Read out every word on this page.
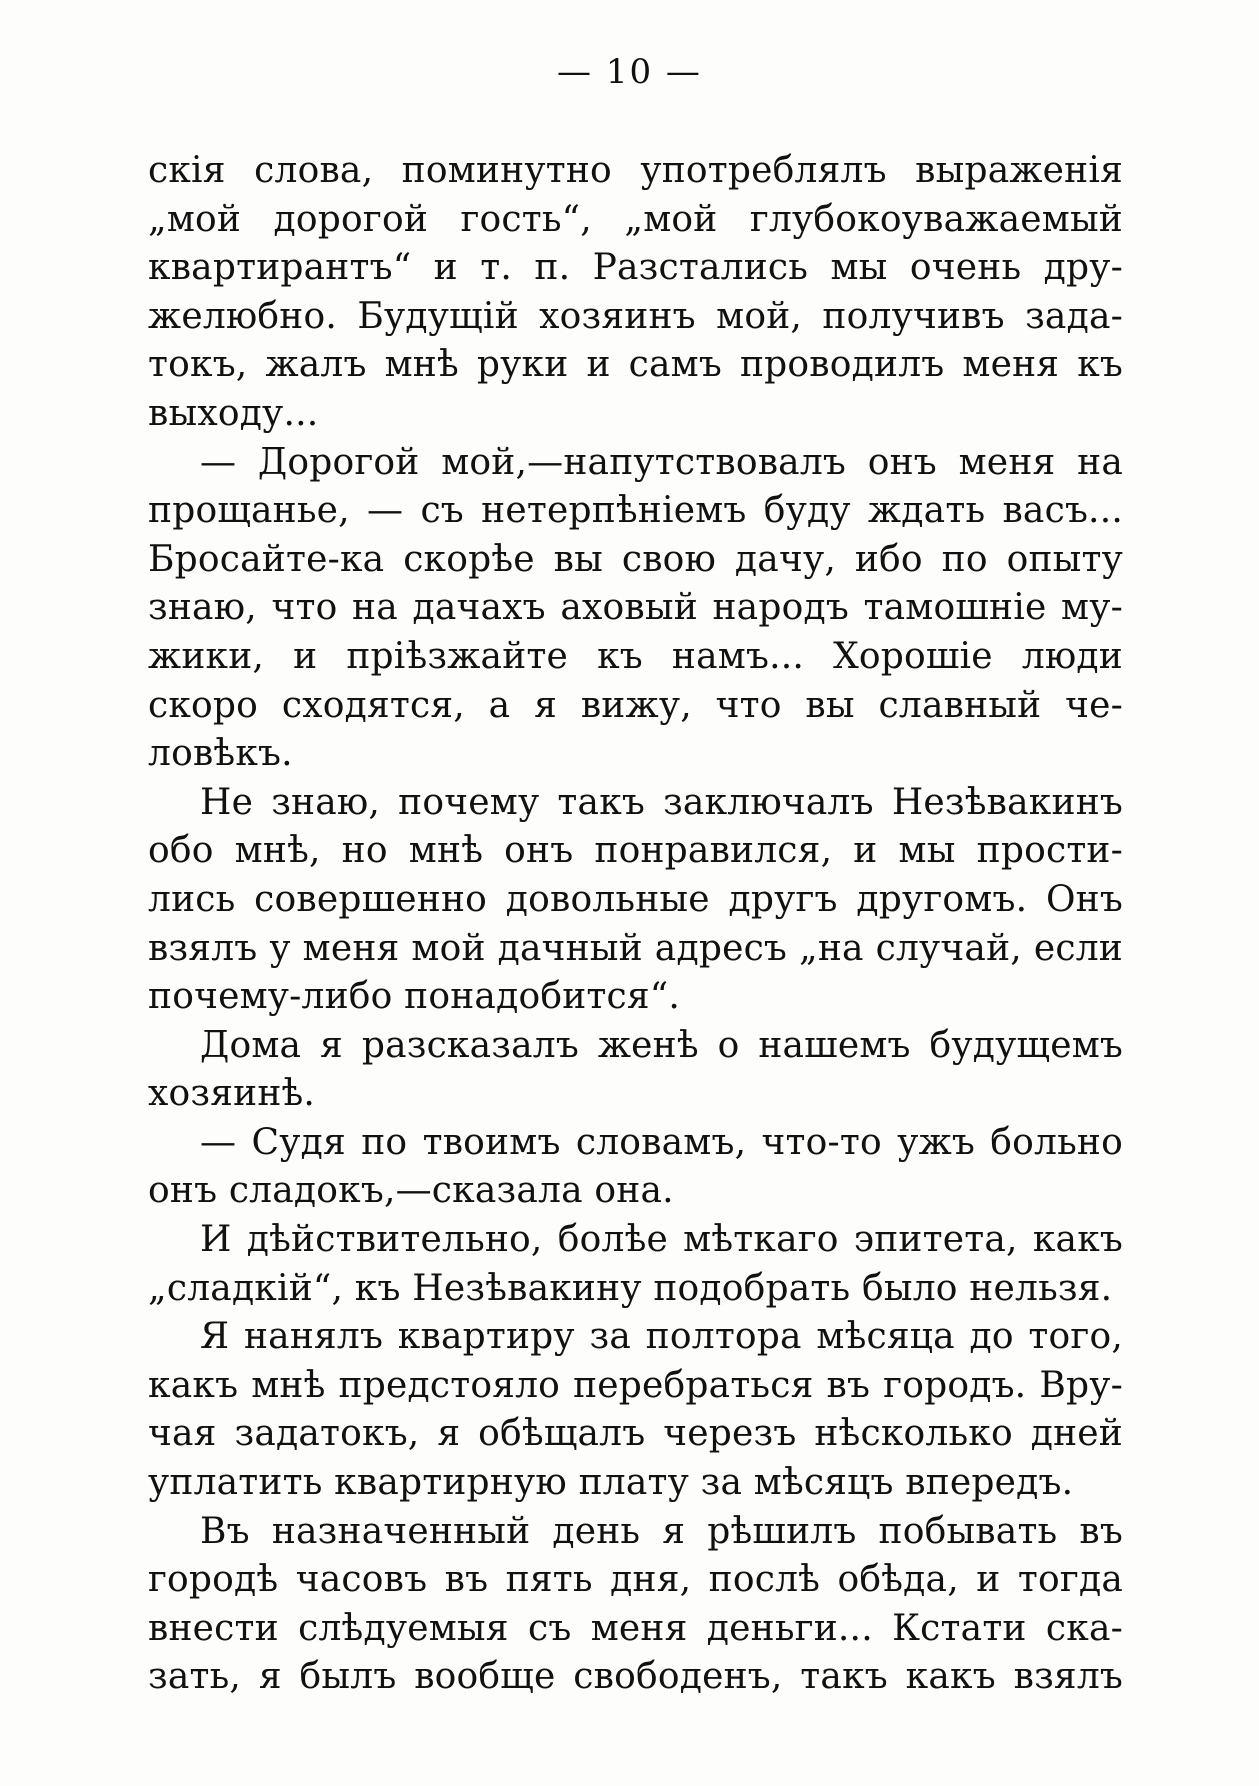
— 10 —
скія слова, поминутно употреблялъ выраженія
„мой дорогой гость“, „мой глубокоуважаемый
квартирантъ“ и т. п. Разстались мы очень дру-
желюбно. Будущій хозяинъ мой, получивъ зада-
токъ, жалъ мнѣ руки и самъ проводилъ меня къ
выходу...
— Дорогой мой,—напутствовалъ онъ меня на
прощанье, — съ нетерпѣніемъ буду ждать васъ...
Бросайте-ка скорѣе вы свою дачу, ибо по опыту
знаю, что на дачахъ аховый народъ тамошніе му-
жики, и пріѣзжайте къ намъ... Хорошіе люди
скоро сходятся, а я вижу, что вы славный че-
ловѣкъ.
Не знаю, почему такъ заключалъ Незѣвакинъ
обо мнѣ, но мнѣ онъ понравился, и мы прости-
лись совершенно довольные другъ другомъ. Онъ
взялъ у меня мой дачный адресъ „на случай, если
почему-либо понадобится“.
Дома я разсказалъ женѣ о нашемъ будущемъ
хозяинѣ.
— Судя по твоимъ словамъ, что-то ужъ больно
онъ сладокъ,—сказала она.
И дѣйствительно, болѣе мѣткаго эпитета, какъ
„сладкій“, къ Незѣвакину подобрать было нельзя.
Я нанялъ квартиру за полтора мѣсяца до того,
какъ мнѣ предстояло перебраться въ городъ. Вру-
чая задатокъ, я обѣщалъ черезъ нѣсколько дней
уплатить квартирную плату за мѣсяцъ впередъ.
Въ назначенный день я рѣшилъ побывать въ
городѣ часовъ въ пять дня, послѣ обѣда, и тогда
внести слѣдуемыя съ меня деньги... Кстати ска-
зать, я былъ вообще свободенъ, такъ какъ взялъ
